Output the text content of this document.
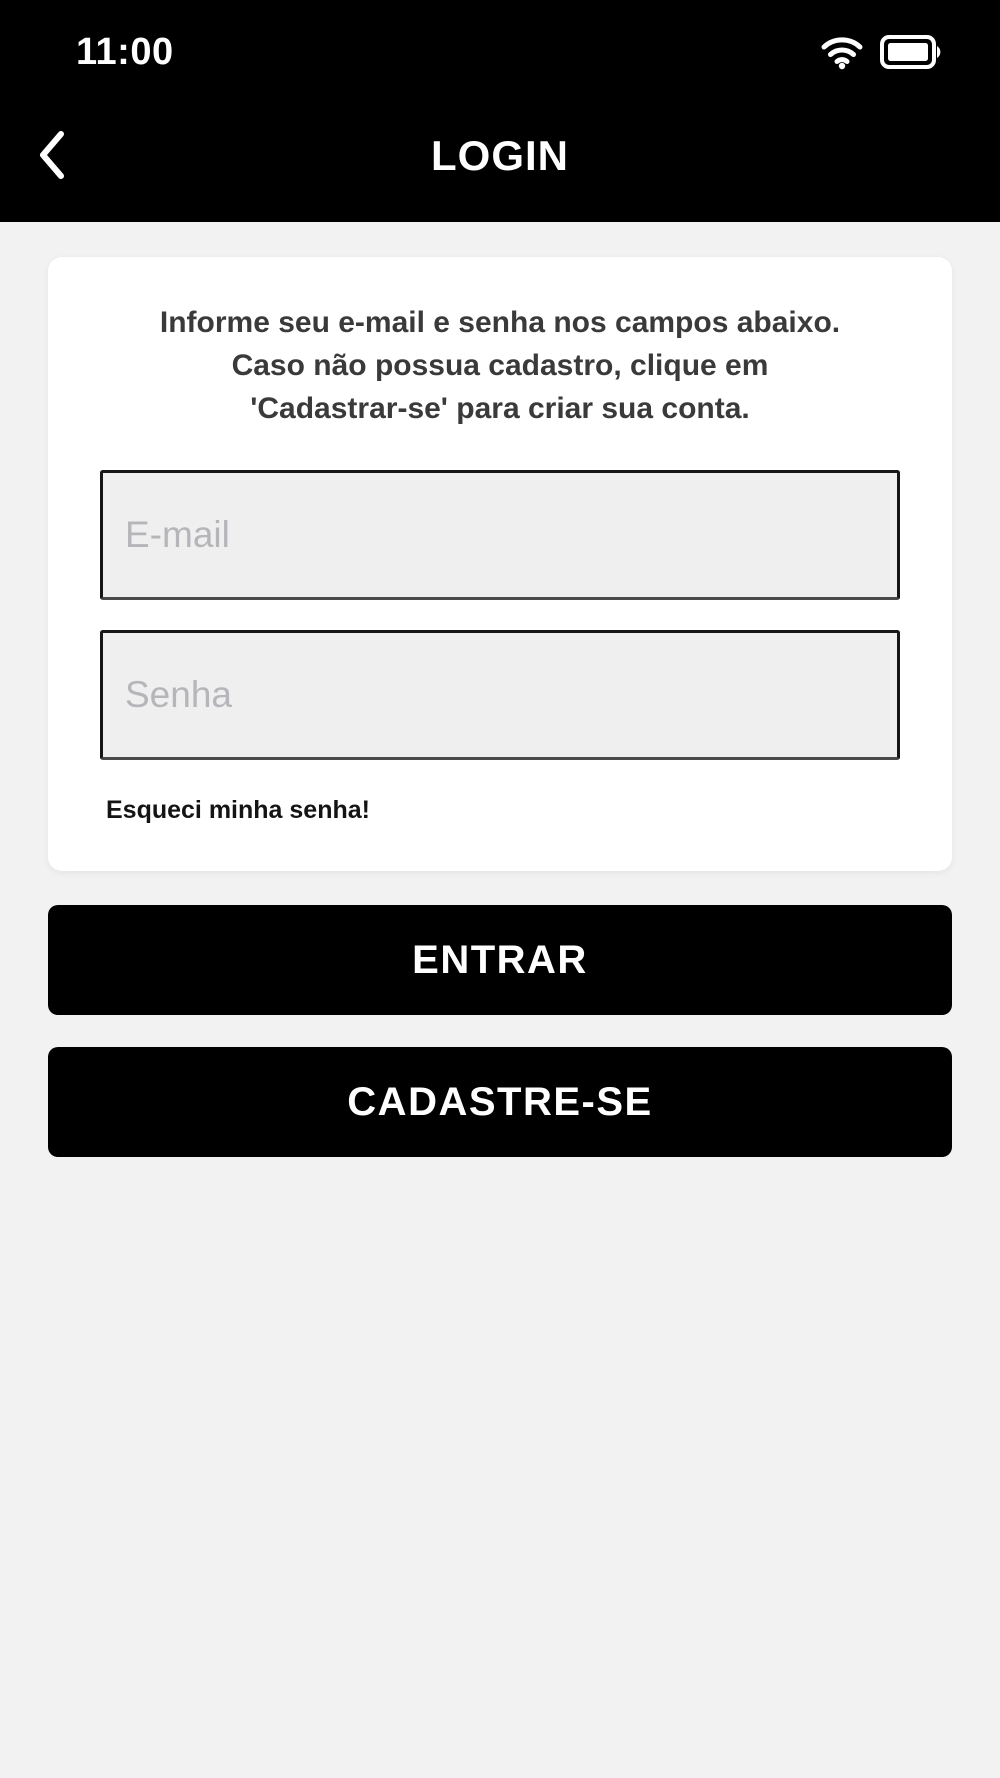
11:00
LOGIN
Informe seu e-mail e senha nos campos abaixo.
Caso não possua cadastro, clique em
'Cadastrar-se' para criar sua conta.
E-mail
Esqueci minha senha!
ENTRAR
CADASTRE-SE
